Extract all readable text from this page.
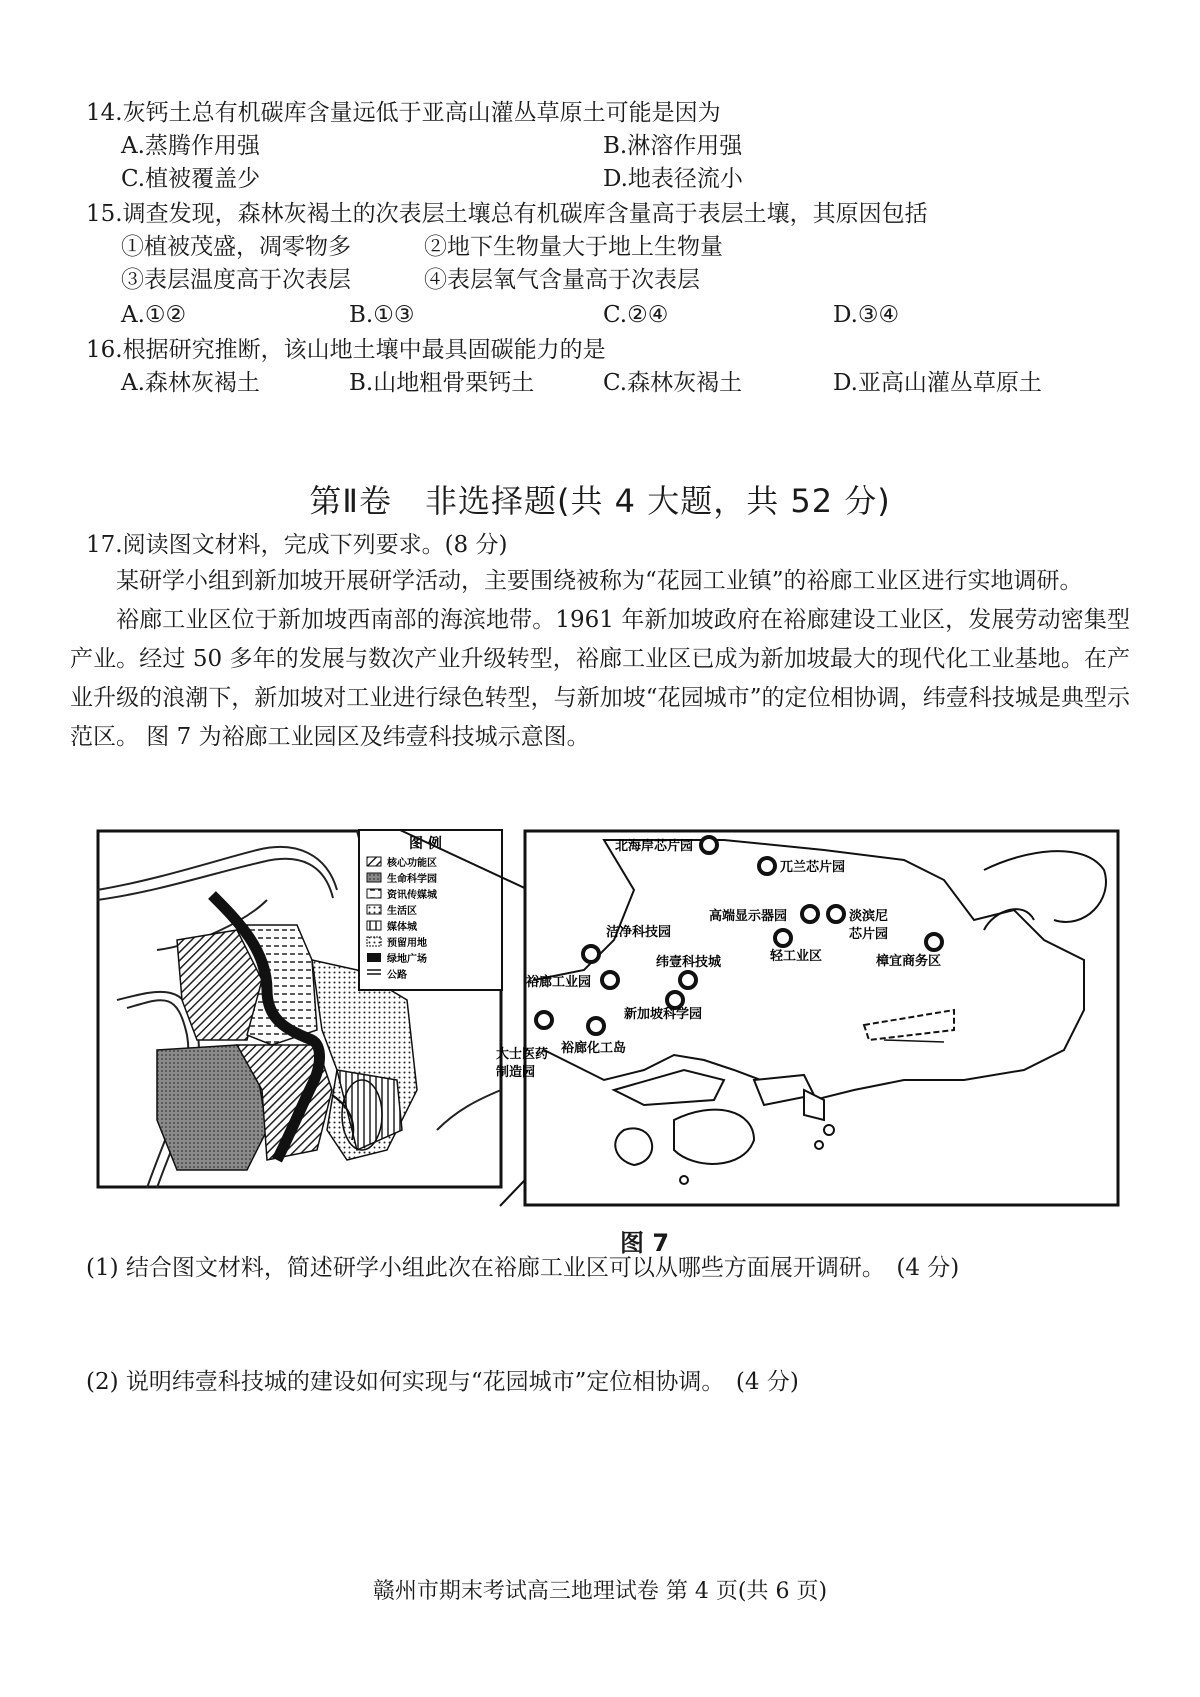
14.灰钙土总有机碳库含量远低于亚高山灌丛草原土可能是因为
A.蒸腾作用强	B.淋溶作用强
C.植被覆盖少	D.地表径流小
15.调查发现，森林灰褐土的次表层土壤总有机碳库含量高于表层土壤，其原因包括
①植被茂盛，凋零物多	②地下生物量大于地上生物量
③表层温度高于次表层	④表层氧气含量高于次表层
A.①②	B.①③	C.②④	D.③④
16.根据研究推断，该山地土壤中最具固碳能力的是
A.森林灰褐土	B.山地粗骨栗钙土	C.森林灰褐土	D.亚高山灌丛草原土
第Ⅱ卷　非选择题(共 4 大题，共 52 分)
17.阅读图文材料，完成下列要求。(8 分)

某研学小组到新加坡开展研学活动，主要围绕被称为“花园工业镇”的裕廊工业区进行实地调研。

裕廊工业区位于新加坡西南部的海滨地带。1961 年新加坡政府在裕廊建设工业区，发展劳动密集型产业。经过 50 多年的发展与数次产业升级转型，裕廊工业区已成为新加坡最大的现代化工业基地。在产业升级的浪潮下，新加坡对工业进行绿色转型，与新加坡“花园城市”的定位相协调，纬壹科技城是典型示范区。 图 7 为裕廊工业园区及纬壹科技城示意图。

图 例
核心功能区
生命科学园
资讯传媒城
生活区
媒体城
预留用地
绿地广场
公路
北海岸芯片园
兀兰芯片园
高端显示器园	淡滨尼
芯片园
洁净科技园
轻工业区	樟宜商务区
纬壹科技城
裕廊工业园
新加坡科学园
裕廊化工岛
大士医药
制造园
图 7
(1) 结合图文材料，简述研学小组此次在裕廊工业区可以从哪些方面展开调研。　(4 分)
(2) 说明纬壹科技城的建设如何实现与“花园城市”定位相协调。　(4 分)
赣州市期末考试高三地理试卷 第 4 页(共 6 页)
